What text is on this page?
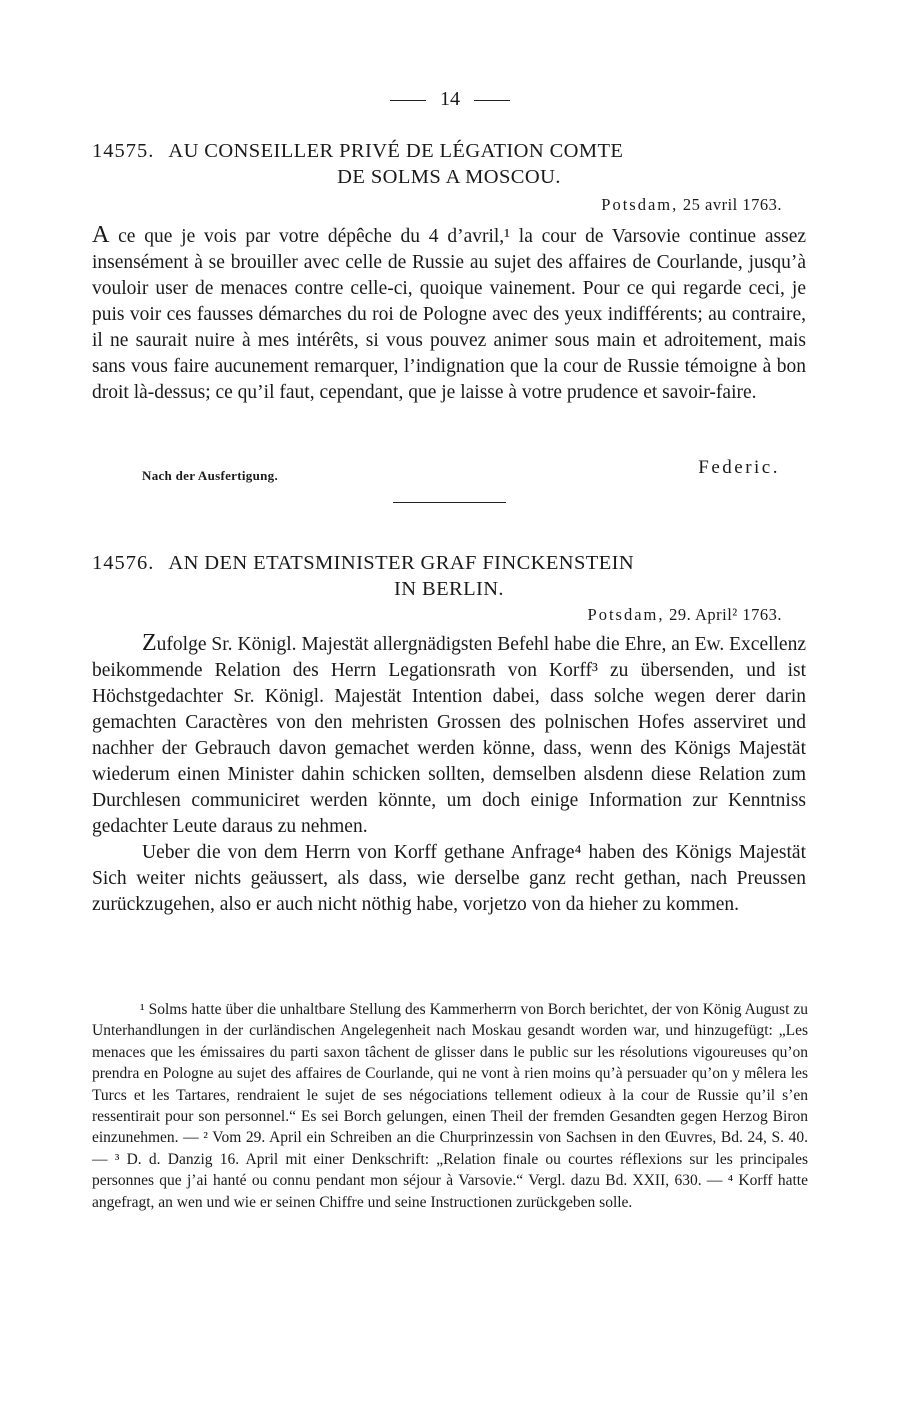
14
14575. AU CONSEILLER PRIVÉ DE LÉGATION COMTE
DE SOLMS A MOSCOU.
Potsdam, 25 avril 1763.

A ce que je vois par votre dépêche du 4 d’avril,¹ la cour de Varsovie continue assez insensément à se brouiller avec celle de Russie au sujet des affaires de Courlande, jusqu’à vouloir user de menaces contre celle-ci, quoique vainement. Pour ce qui regarde ceci, je puis voir ces fausses démarches du roi de Pologne avec des yeux indifférents; au contraire, il ne saurait nuire à mes intérêts, si vous pouvez animer sous main et adroitement, mais sans vous faire aucunement remarquer, l’indignation que la cour de Russie témoigne à bon droit là-dessus; ce qu’il faut, cependant, que je laisse à votre prudence et savoir-faire.

Nach der Ausfertigung.	Federic.
14576. AN DEN ETATSMINISTER GRAF FINCKENSTEIN
IN BERLIN.
Potsdam, 29. April² 1763.

Zufolge Sr. Königl. Majestät allergnädigsten Befehl habe die Ehre, an Ew. Excellenz beikommende Relation des Herrn Legationsrath von Korff³ zu übersenden, und ist Höchstgedachter Sr. Königl. Majestät Intention dabei, dass solche wegen derer darin gemachten Caractères von den mehristen Grossen des polnischen Hofes asserviret und nachher der Gebrauch davon gemachet werden könne, dass, wenn des Königs Majestät wiederum einen Minister dahin schicken sollten, demselben alsdenn diese Relation zum Durchlesen communiciret werden könnte, um doch einige Information zur Kenntniss gedachter Leute daraus zu nehmen.

Ueber die von dem Herrn von Korff gethane Anfrage⁴ haben des Königs Majestät Sich weiter nichts geäussert, als dass, wie derselbe ganz recht gethan, nach Preussen zurückzugehen, also er auch nicht nöthig habe, vorjetzo von da hieher zu kommen.

¹ Solms hatte über die unhaltbare Stellung des Kammerherrn von Borch berichtet, der von König August zu Unterhandlungen in der curländischen Angelegenheit nach Moskau gesandt worden war, und hinzugefügt: „Les menaces que les émissaires du parti saxon tâchent de glisser dans le public sur les résolutions vigoureuses qu’on prendra en Pologne au sujet des affaires de Courlande, qui ne vont à rien moins qu’à persuader qu’on y mêlera les Turcs et les Tartares, rendraient le sujet de ses négociations tellement odieux à la cour de Russie qu’il s’en ressentirait pour son personnel.“ Es sei Borch gelungen, einen Theil der fremden Gesandten gegen Herzog Biron einzunehmen. — ² Vom 29. April ein Schreiben an die Churprinzessin von Sachsen in den Œuvres, Bd. 24, S. 40. — ³ D. d. Danzig 16. April mit einer Denkschrift: „Relation finale ou courtes réflexions sur les principales personnes que j’ai hanté ou connu pendant mon séjour à Varsovie.“ Vergl. dazu Bd. XXII, 630. — ⁴ Korff hatte angefragt, an wen und wie er seinen Chiffre und seine Instructionen zurückgeben solle.
